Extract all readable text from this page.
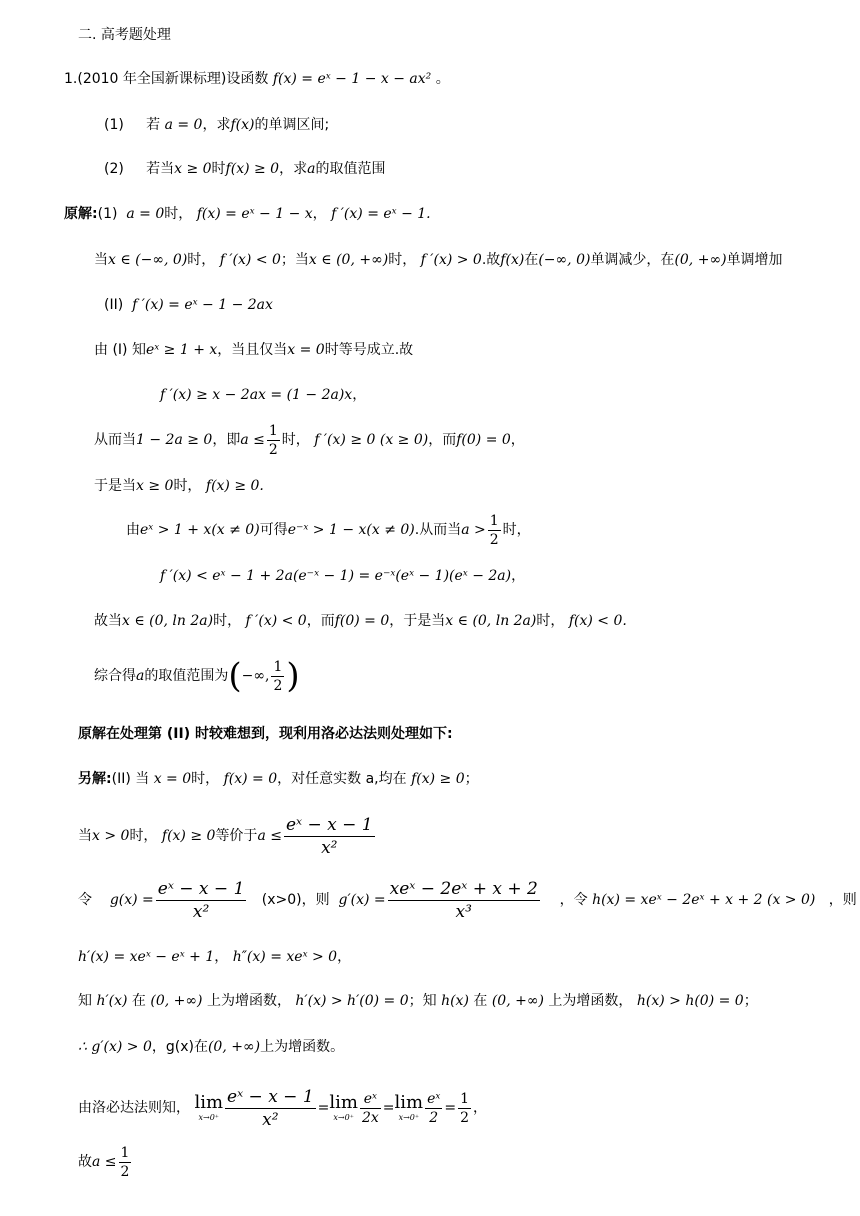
二. 高考题处理
1.(2010 年全国新课标理)设函数 f(x) = eˣ − 1 − x − ax² 。
(1) 若 a = 0，求f(x)的单调区间;
(2) 若当x ≥ 0时f(x) ≥ 0，求a的取值范围
原解:(1) a = 0时， f(x) = eˣ − 1 − x， f ′(x) = eˣ − 1.
当x ∈ (−∞, 0)时， f ′(x) < 0；当x ∈ (0, +∞)时， f ′(x) > 0.故f(x)在(−∞, 0)单调减少，在(0, +∞)单调增加
(II) f ′(x) = eˣ − 1 − 2ax
由 (I) 知eˣ ≥ 1 + x，当且仅当x = 0时等号成立.故
f ′(x) ≥ x − 2ax = (1 − 2a)x，
从而当1 − 2a ≥ 0，即$a \le \frac{1}{2}$ 时， f ′(x) ≥ 0 (x ≥ 0)，而f(0) = 0，
于是当x ≥ 0时， f(x) ≥ 0.
由eˣ > 1 + x(x ≠ 0)可得e⁻ˣ > 1 − x(x ≠ 0).从而当$a > \frac{1}{2}$ 时，
f ′(x) < eˣ − 1 + 2a(e⁻ˣ − 1) = e⁻ˣ(eˣ − 1)(eˣ − 2a)，
故当x ∈ (0, ln 2a)时， f ′(x) < 0，而f(0) = 0，于是当x ∈ (0, ln 2a)时， f(x) < 0.
综合得a的取值范围为(−∞, $\frac{1}{2}$ )
原解在处理第 (II) 时较难想到，现利用洛必达法则处理如下:
另解:(II) 当 x = 0时， f(x) = 0，对任意实数 a,均在 f(x) ≥ 0；
当x > 0时， f(x) ≥ 0等价于$a \le \frac{\text{eˣ − x − 1}}{\text{x²}}$
令 $g(x) = \frac{\text{eˣ − x − 1}}{\text{x²}} (x>0)$，则 $g'(x) = \frac{\text{xeˣ − 2eˣ + x + 2}}{\text{x³}}$ ，令 h(x) = xeˣ − 2eˣ + x + 2 (x > 0) ，则
h′(x) = xeˣ − eˣ + 1， h″(x) = xeˣ > 0，
知 h′(x) 在 (0, +∞) 上为增函数， h′(x) > h′(0) = 0；知 h(x) 在 (0, +∞) 上为增函数， h(x) > h(0) = 0；
∴ g′(x) > 0，g(x)在(0, +∞)上为增函数。
由洛必达法则知， lim
$x\to 0^+ \frac{\text{eˣ − x − 1}}{\text{x²}} = \lim$
$x\to 0^+ \frac{\text{eˣ}}{2x} = \lim$
$x\to 0^+ \frac{\text{eˣ}}{2} = \frac{1}{2}$ ，
故$a \le \frac{1}{2}$
